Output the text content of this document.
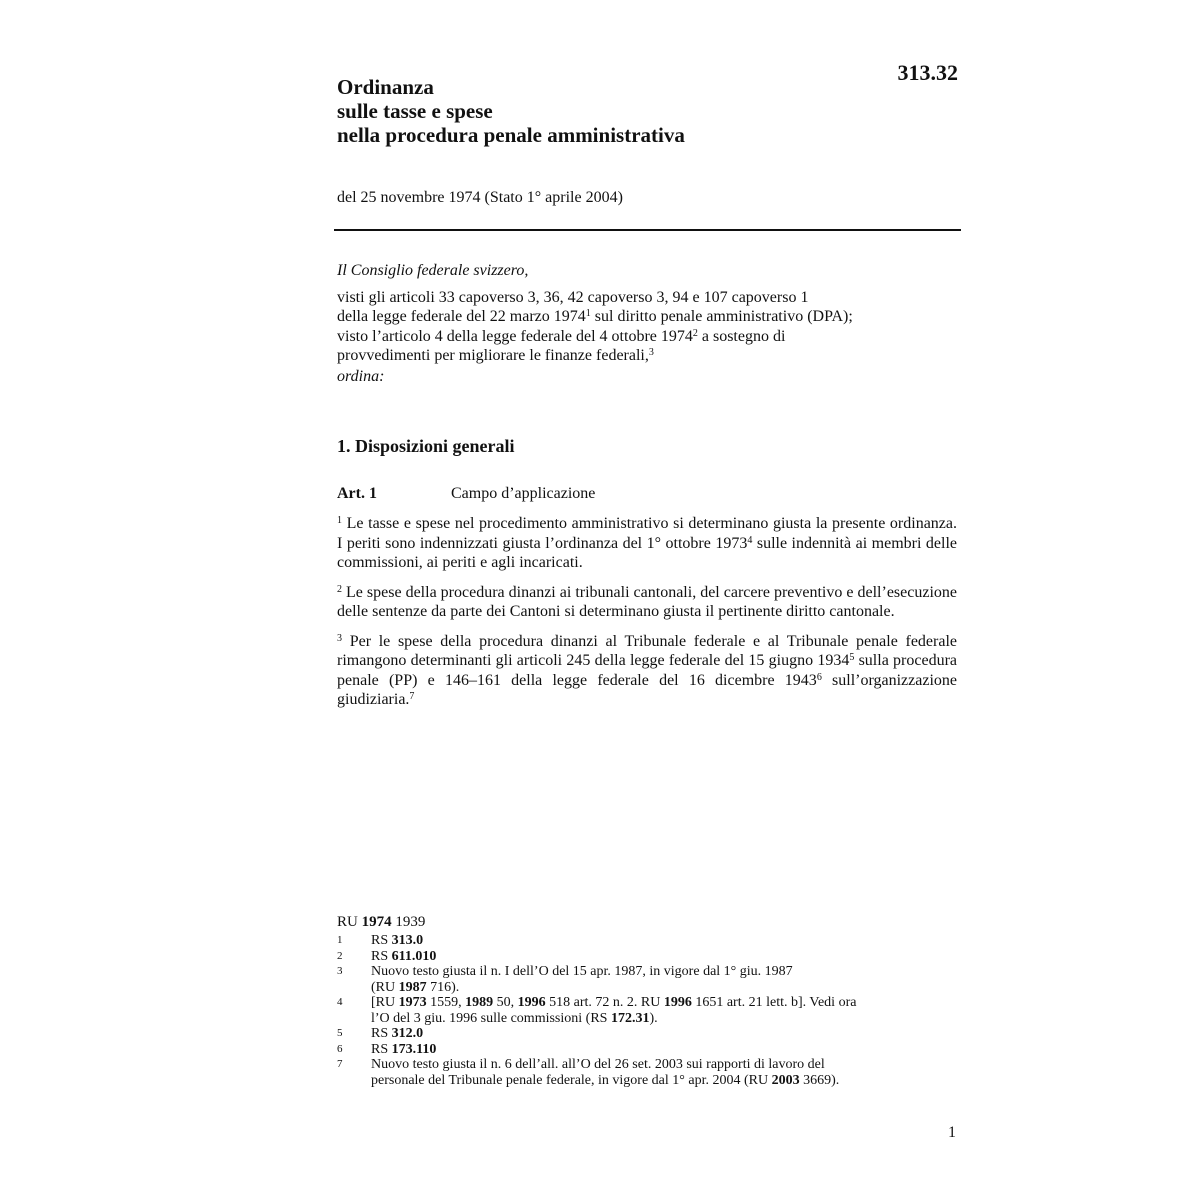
313.32
Ordinanza
sulle tasse e spese
nella procedura penale amministrativa
del 25 novembre 1974 (Stato 1° aprile 2004)
Il Consiglio federale svizzero,
visti gli articoli 33 capoverso 3, 36, 42 capoverso 3, 94 e 107 capoverso 1
della legge federale del 22 marzo 1974$^1$ sul diritto penale amministrativo (DPA);
visto l’articolo 4 della legge federale del 4 ottobre 1974$^2$ a sostegno di
provvedimenti per migliorare le finanze federali,$^3$
ordina:
1. Disposizioni generali
Art. 1	Campo d’applicazione

$^1$ Le tasse e spese nel procedimento amministrativo si determinano giusta la presente ordinanza. I periti sono indennizzati giusta l’ordinanza del 1° ottobre 1973$^4$ sulle indennità ai membri delle commissioni, ai periti e agli incaricati.

$^2$ Le spese della procedura dinanzi ai tribunali cantonali, del carcere preventivo e dell’esecuzione delle sentenze da parte dei Cantoni si determinano giusta il pertinente diritto cantonale.

$^3$ Per le spese della procedura dinanzi al Tribunale federale e al Tribunale penale federale rimangono determinanti gli articoli 245 della legge federale del 15 giugno 1934$^5$ sulla procedura penale (PP) e 146–161 della legge federale del 16 dicembre 1943$^6$ sull’organizzazione giudiziaria.$^7$

RU 1974 1939
1	RS 313.0
2	RS 611.010
3	Nuovo testo giusta il n. I dell’O del 15 apr. 1987, in vigore dal 1° giu. 1987
(RU 1987 716).
4	[RU 1973 1559, 1989 50, 1996 518 art. 72 n. 2. RU 1996 1651 art. 21 lett. b]. Vedi ora
l’O del 3 giu. 1996 sulle commissioni (RS 172.31).
5	RS 312.0
6	RS 173.110
7	Nuovo testo giusta il n. 6 dell’all. all’O del 26 set. 2003 sui rapporti di lavoro del
personale del Tribunale penale federale, in vigore dal 1° apr. 2004 (RU 2003 3669).
1
